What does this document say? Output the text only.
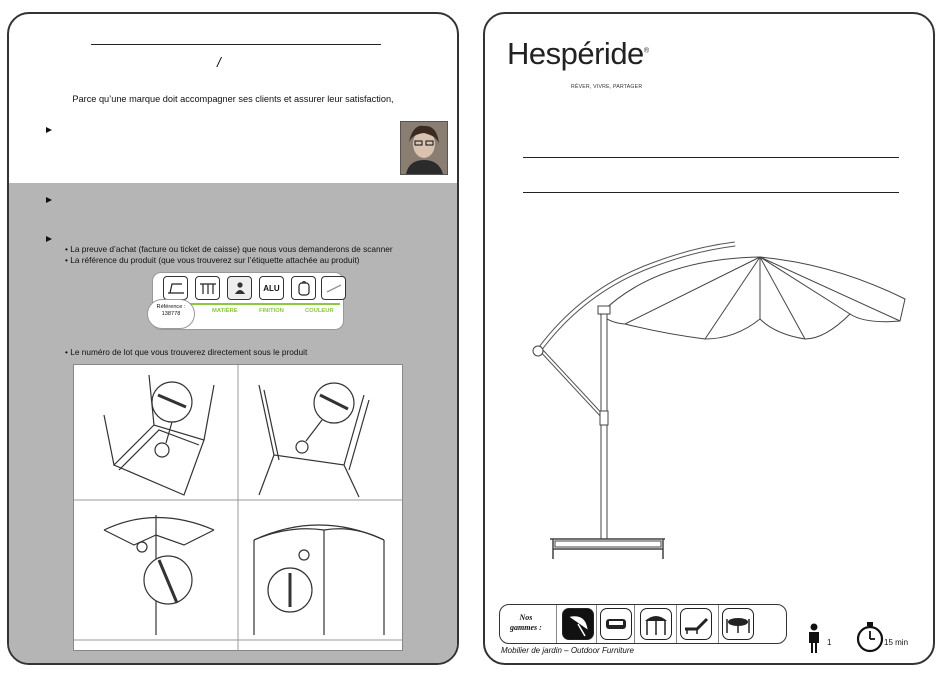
/
Parce qu’une marque doit accompagner ses clients et assurer leur satisfaction,
• La preuve d’achat (facture ou ticket de caisse) que nous vous demanderons de scanner
• La référence du produit (que vous trouverez sur l’étiquette attachée au produit)
ALU
MATIÈRE	FINITION	COULEUR
Référence :
138778
• Le numéro de lot que vous trouverez directement sous le produit
Hespéride®
RÊVER, VIVRE, PARTAGER
Nos
gammes :
Mobilier de jardin – Outdoor Furniture
1	15 min
